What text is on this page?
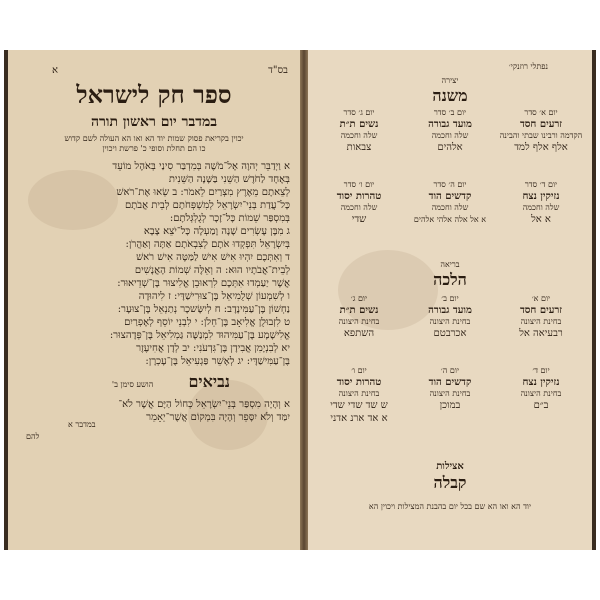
א	בס"ד
ספר חק לישראל
במדבר יום ראשון תורה
יכוין בקריאת פסוק שמות יוד הא ואו הא העולה לשם קדוש
כו הם תחלת וסופי כ' פרשת ויכוין
א וַיְדַבֵּר יְהוָה אֶל־מֹשֶׁה בְּמִדְבַּר סִינַי בְּאֹהֶל מוֹעֵד
בְּאֶחָד לַחֹדֶשׁ הַשֵּׁנִי בַּשָּׁנָה הַשֵּׁנִית
לְצֵאתָם מֵאֶרֶץ מִצְרַיִם לֵאמֹר: ב שְׂאוּ אֶת־רֹאשׁ
כָּל־עֲדַת בְּנֵי־יִשְׂרָאֵל לְמִשְׁפְּחֹתָם לְבֵית אֲבֹתָם
בְּמִסְפַּר שֵׁמוֹת כָּל־זָכָר לְגֻלְגְּלֹתָם:
ג מִבֶּן עֶשְׂרִים שָׁנָה וָמַעְלָה כָּל־יֹצֵא צָבָא
בְּיִשְׂרָאֵל תִּפְקְדוּ אֹתָם לְצִבְאֹתָם אַתָּה וְאַהֲרֹן:
ד וְאִתְּכֶם יִהְיוּ אִישׁ אִישׁ לַמַּטֶּה אִישׁ רֹאשׁ
לְבֵית־אֲבֹתָיו הוּא: ה וְאֵלֶּה שְׁמוֹת הָאֲנָשִׁים
אֲשֶׁר יַעַמְדוּ אִתְּכֶם לִרְאוּבֵן אֱלִיצוּר בֶּן־שְׁדֵיאוּר:
ו לְשִׁמְעוֹן שְׁלֻמִיאֵל בֶּן־צוּרִישַׁדָּי: ז לִיהוּדָה
נַחְשׁוֹן בֶּן־עַמִּינָדָב: ח לְיִשָּׂשכָר נְתַנְאֵל בֶּן־צוּעָר:
ט לִזְבוּלֻן אֱלִיאָב בֶּן־חֵלֹן: י לִבְנֵי יוֹסֵף לְאֶפְרַיִם
אֱלִישָׁמָע בֶּן־עַמִּיהוּד לִמְנַשֶּׁה גַּמְלִיאֵל בֶּן־פְּדָהצוּר:
יא לְבִנְיָמִן אֲבִידָן בֶּן־גִּדְעֹנִי: יב לְדָן אֲחִיעֶזֶר
בֶּן־עַמִּישַׁדָּי: יג לְאָשֵׁר פַּגְעִיאֵל בֶּן־עָכְרָן:
נביאים הושע סימן ב'
א וְהָיָה מִסְפַּר בְּנֵי־יִשְׂרָאֵל כְּחוֹל הַיָּם אֲשֶׁר לֹא־
יִמַּד וְלֹא יִסָּפֵר וְהָיָה בִּמְקוֹם אֲשֶׁר־יֵאָמֵר
להם
במדבר א
נפתלי רוזנקי׳
יצירה
משנה
יום א׳ סדר
זרעים חסד
הקדמה ורבינו שבתי והבינה
אלף אלף למד
יום ב׳ סדר
מועד גבורה
שלה וחכמה
אלהים
יום ג׳ סדר
נשים ת״ת
שלה וחכמה
צבאות
יום ד׳ סדר
נזיקין נצח
שלה וחכמה
א אל
יום ה׳ סדר
קדשים הוד
שלה וחכמה
א אל אלה אלהי אלהים
יום ו׳ סדר
טהרות יסוד
שלה וחכמה
שדי
בריאה
הלכה
יום א׳
זרעים חסד
בחינת היצונה
רבעיאה אל
יום ב׳
מועד גבורה
בחינת היצונה
אכרבטם
יום ג׳
נשים ת״ת
בחינת היצונה
השתפא
יום ד׳
נזיקין נצח
בחינת היצונה
ב״ם
יום ה׳
קדשים הוד
בחינת היצונה
במוכן
יום ו׳
טהרות יסוד
בחינת היצונה
ש שד שדי שדי
א אד ארנ אדני
אצילות
קבלה
יוד הא ואו הא שם בכל יום בהבנת המצילות ויכוין הא
